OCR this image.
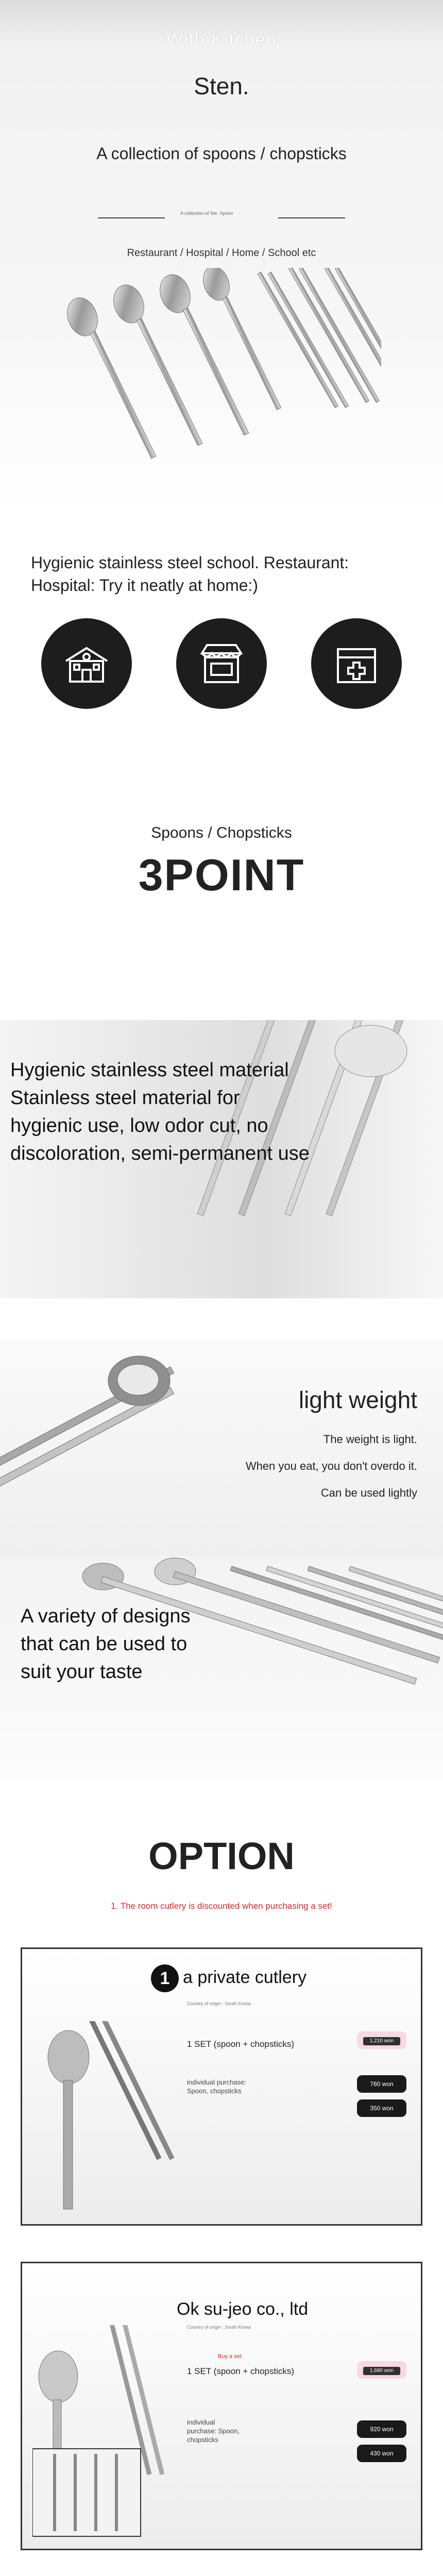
With Kitchen
Sten.
A collection of spoons / chopsticks
A collection of Ste. Spoon
Restaurant / Hospital / Home / School etc
Hygienic stainless steel school. Restaurant:
Hospital: Try it neatly at home:)
Spoons / Chopsticks
3POINT
Hygienic stainless steel material
Stainless steel material for
hygienic use, low odor cut, no
discoloration, semi-permanent use
light weight
The weight is light.
When you eat, you don't overdo it.
Can be used lightly
A variety of designs
that can be used to
suit your taste
OPTION
1. The room cutlery is discounted when purchasing a set!
1 a private cutlery
Country of origin : South Korea
1 SET (spoon + chopsticks)
individual purchase: Spoon, chopsticks
1,210 won
760 won
350 won
Ok su-jeo co., ltd
Country of origin : South Korea
Buy a set
1 SET (spoon + chopsticks)
individual purchase: Spoon, chopsticks
1,680 won
920 won
430 won
